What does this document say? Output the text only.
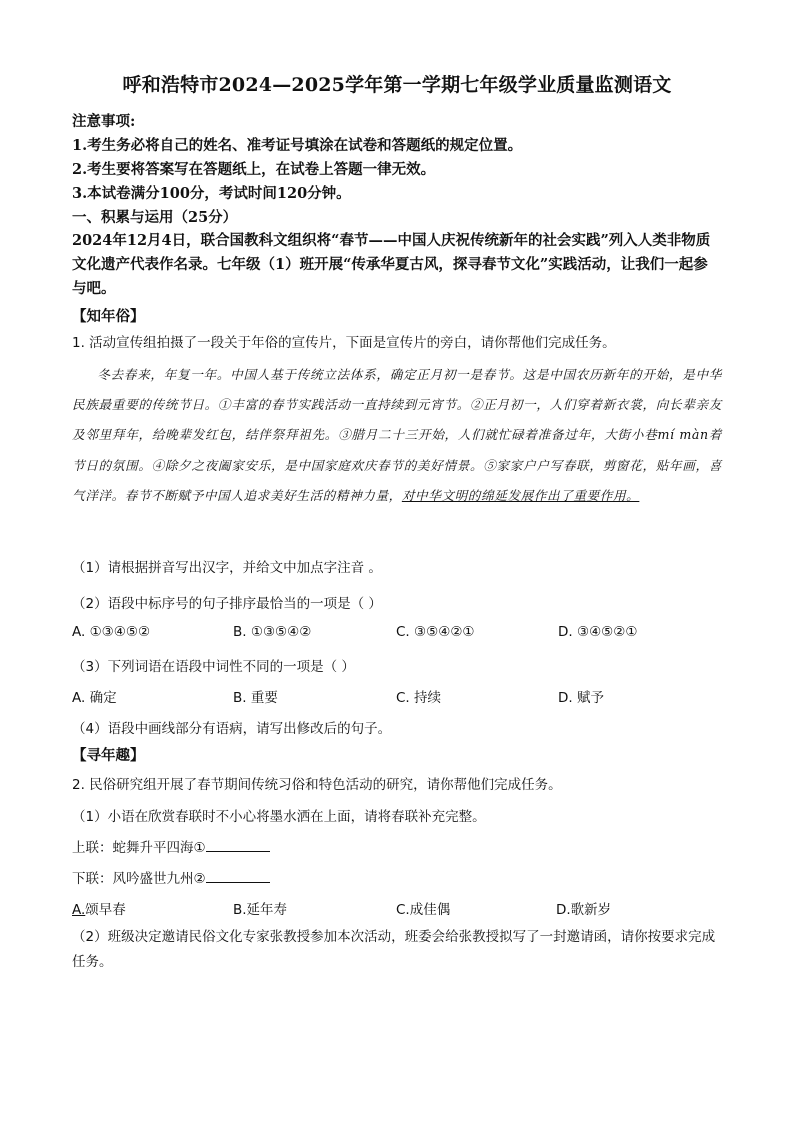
呼和浩特市2024—2025学年第一学期七年级学业质量监测语文
注意事项:
1.考生务必将自己的姓名、准考证号填涂在试卷和答题纸的规定位置。
2.考生要将答案写在答题纸上，在试卷上答题一律无效。
3.本试卷满分100分，考试时间120分钟。
一、积累与运用（25分）
2024年12月4日，联合国教科文组织将“春节——中国人庆祝传统新年的社会实践”列入人类非物质文化遗产代表作名录。七年级（1）班开展“传承华夏古风，探寻春节文化”实践活动，让我们一起参与吧。
【知年俗】
1. 活动宣传组拍摄了一段关于年俗的宣传片，下面是宣传片的旁白，请你帮他们完成任务。
冬去春来，年复一年。中国人基于传统立法体系，确定正月初一是春节。这是中国农历新年的开始，是中华民族最重要的传统节日。①丰富的春节实践活动一直持续到元宵节。②正月初一，人们穿着新衣裳，向长辈亲友及邻里拜年，给晚辈发红包，结伴祭拜祖先。③腊月二十三开始，人们就忙碌着准备过年，大街小巷mí màn着节日的氛围。④除夕之夜阖家安乐，是中国家庭欢庆春节的美好情景。⑤家家户户写春联，剪窗花，贴年画，喜气洋洋。春节不断赋予中国人追求美好生活的精神力量，对中华文明的绵延发展作出了重要作用。
（1）请根据拼音写出汉字，并给文中加点字注音 。
（2）语段中标序号的句子排序最恰当的一项是（ ）
A. ①③④⑤②	B. ①③⑤④②	C. ③⑤④②①	D. ③④⑤②①
（3）下列词语在语段中词性不同的一项是（ ）
A. 确定	B. 重要	C. 持续	D. 赋予
（4）语段中画线部分有语病，请写出修改后的句子。
【寻年趣】
2. 民俗研究组开展了春节期间传统习俗和特色活动的研究，请你帮他们完成任务。
（1）小语在欣赏春联时不小心将墨水洒在上面，请将春联补充完整。
上联：蛇舞升平四海①
下联：风吟盛世九州②
A.颂早春	B.延年寿	C.成佳偶	D.歌新岁
（2）班级决定邀请民俗文化专家张教授参加本次活动，班委会给张教授拟写了一封邀请函，请你按要求完成任务。
